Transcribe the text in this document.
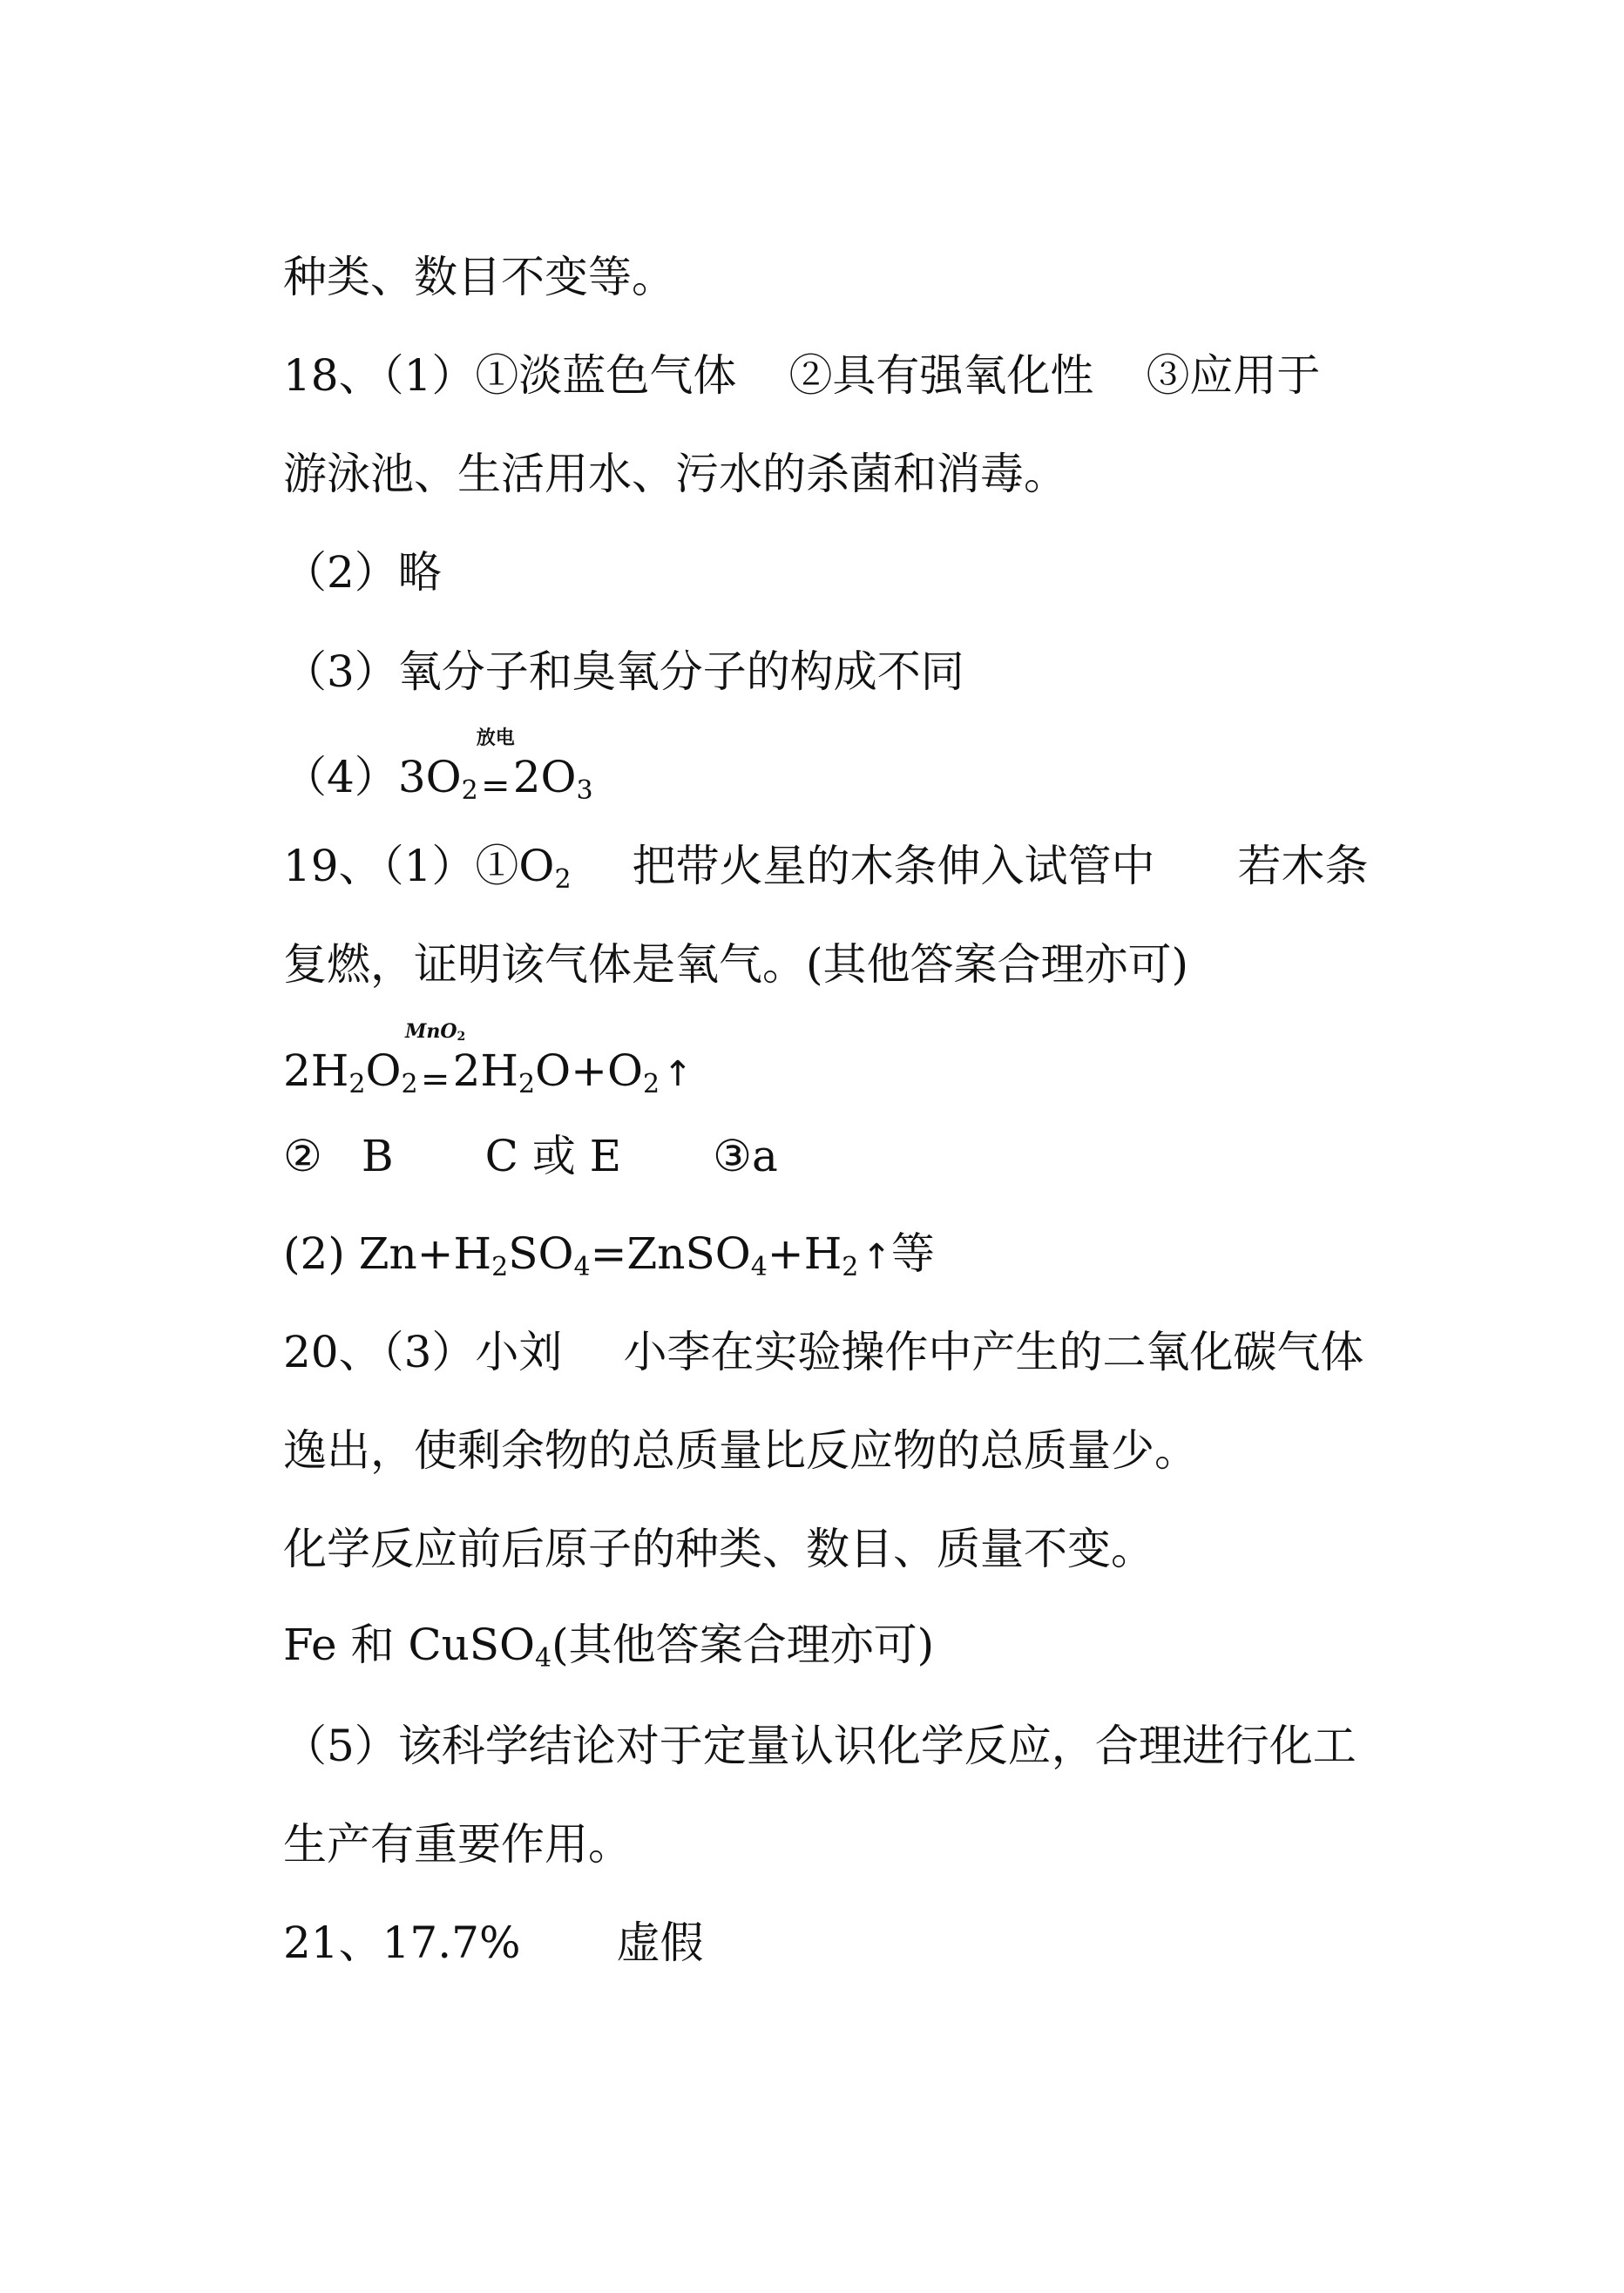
种类、数目不变等。
18、（1）①淡蓝色气体 ②具有强氧化性 ③应用于
游泳池、生活用水、污水的杀菌和消毒。
（2）略
（3）氧分子和臭氧分子的构成不同
$(4)3O_2$
放电
$=2O_3$
19、$(1)①O_2$ 把带火星的木条伸入试管中 若木条
复燃，证明该气体是氧气。(其他答案合理亦可)
$2H_2O_2$
MnO$_2$
$=2H_2O+O_2$ ↑
② B C 或 E ③a
(2) $Zn+H_2SO_4=ZnSO_4+H_2$ ↑等
20、（3）小刘 小李在实验操作中产生的二氧化碳气体
逸出，使剩余物的总质量比反应物的总质量少。
化学反应前后原子的种类、数目、质量不变。
Fe 和 CuSO$_4$(其他答案合理亦可)
（5）该科学结论对于定量认识化学反应，合理进行化工
生产有重要作用。
21、17.7% 虚假
